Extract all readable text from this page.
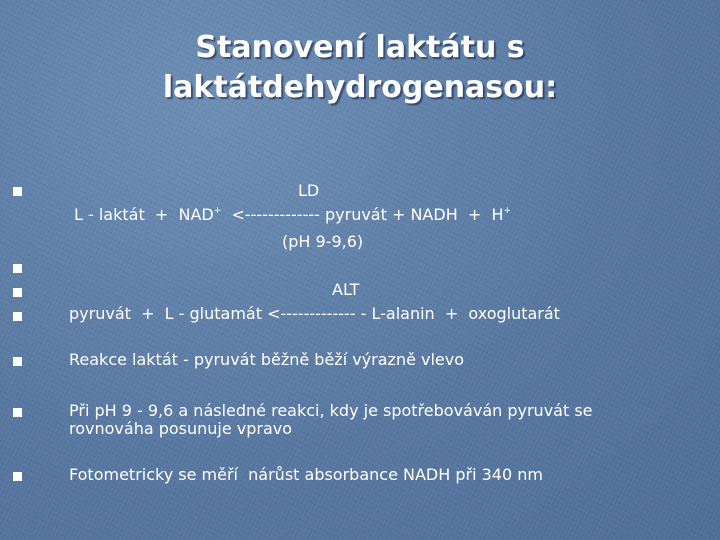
Stanovení laktátu s
laktátdehydrogenasou:
LD
L - laktát  +  NAD+  <------------- pyruvát + NADH  +  H+
(pH 9-9,6)
ALT
pyruvát  +  L - glutamát <------------- - L-alanin  +  oxoglutarát
Reakce laktát - pyruvát běžně běží výrazně vlevo
Při pH 9 - 9,6 a následné reakci, kdy je spotřebováván pyruvát se
rovnováha posunuje vpravo
Fotometricky se měří  nárůst absorbance NADH při 340 nm
